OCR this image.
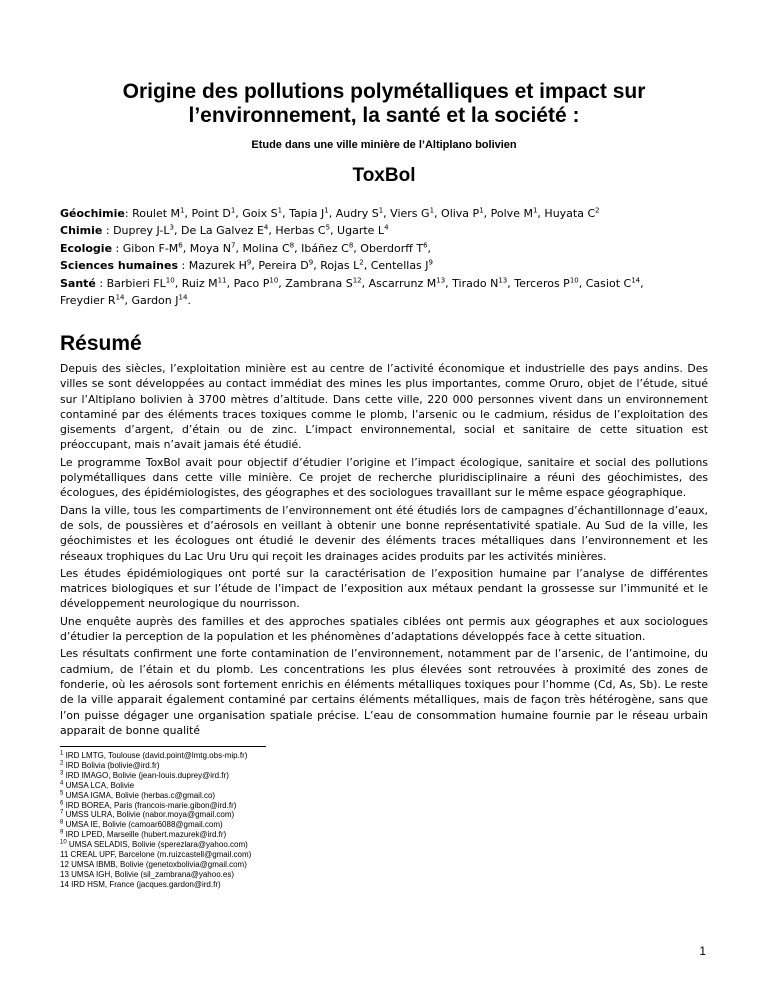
Origine des pollutions polymétalliques et impact sur
l’environnement, la santé et la société :

Etude dans une ville minière de l’Altiplano bolivien

ToxBol

Géochimie: Roulet $M^1$, Point $D^1$, Goix $S^1$, Tapia $J^1$, Audry $S^1$, Viers $G^1$, Oliva $P^1$, Polve $M^1$, Huyata $C^2$

Chimie : Duprey $J-L^3$, De La Galvez $E^4$, Herbas $C^5$, Ugarte $L^4$

Ecologie : Gibon $F-M^6$, Moya $N^7$, Molina $C^8$, Ibáñez $C^8$, Oberdorff $T^6$,

Sciences humaines : Mazurek $H^9$, Pereira $D^9$, Rojas $L^2$, Centellas $J^9$

Santé : Barbieri FL$^{10}$, Ruiz $M^{11}$, Paco $P^{10}$, Zambrana $S^{12}$, Ascarrunz $M^{13}$, Tirado $N^{13}$, Terceros $P^{10}$, Casiot $C^{14}$,

Freydier $R^{14}$, Gardon $J^{14}$.

Résumé

Depuis des siècles, l’exploitation minière est au centre de l’activité économique et industrielle des pays andins. Des villes se sont développées au contact immédiat des mines les plus importantes, comme Oruro, objet de l’étude, situé sur l’Altiplano bolivien à 3700 mètres d’altitude. Dans cette ville, 220 000 personnes vivent dans un environnement contaminé par des éléments traces toxiques comme le plomb, l’arsenic ou le cadmium, résidus de l’exploitation des gisements d’argent, d’étain ou de zinc. L’impact environnemental, social et sanitaire de cette situation est préoccupant, mais n’avait jamais été étudié.

Le programme ToxBol avait pour objectif d’étudier l’origine et l’impact écologique, sanitaire et social des pollutions polymétalliques dans cette ville minière. Ce projet de recherche pluridisciplinaire a réuni des géochimistes, des écologues, des épidémiologistes, des géographes et des sociologues travaillant sur le même espace géographique.

Dans la ville, tous les compartiments de l’environnement ont été étudiés lors de campagnes d’échantillonnage d’eaux, de sols, de poussières et d’aérosols en veillant à obtenir une bonne représentativité spatiale. Au Sud de la ville, les géochimistes et les écologues ont étudié le devenir des éléments traces métalliques dans l’environnement et les réseaux trophiques du Lac Uru Uru qui reçoit les drainages acides produits par les activités minières.

Les études épidémiologiques ont porté sur la caractérisation de l’exposition humaine par l’analyse de différentes matrices biologiques et sur l’étude de l’impact de l’exposition aux métaux pendant la grossesse sur l’immunité et le développement neurologique du nourrisson.

Une enquête auprès des familles et des approches spatiales ciblées ont permis aux géographes et aux sociologues d’étudier la perception de la population et les phénomènes d’adaptations développés face à cette situation.

Les résultats confirment une forte contamination de l’environnement, notamment par de l’arsenic, de l’antimoine, du cadmium, de l’étain et du plomb. Les concentrations les plus élevées sont retrouvées à proximité des zones de fonderie, où les aérosols sont fortement enrichis en éléments métalliques toxiques pour l’homme (Cd, As, Sb). Le reste de la ville apparait également contaminé par certains éléments métalliques, mais de façon très hétérogène, sans que l’on puisse dégager une organisation spatiale précise. L’eau de consommation humaine fournie par le réseau urbain apparait de bonne qualité

$^1$ IRD LMTG, Toulouse (david.point@lmtg.obs-mip.fr)

$^2$ IRD Bolivia (bolivie@ird.fr)

$^3$ IRD IMAGO, Bolivie (jean-louis.duprey@ird.fr)

$^4$ UMSA LCA, Bolivie

$^5$ UMSA IGMA, Bolivie (herbas.c@gmail.co)

$^6$ IRD BOREA, Paris (francois-marie.gibon@ird.fr)

$^7$ UMSS ULRA, Bolivie (nabor.moya@gmail.com)

$^8$ UMSA IE, Bolivie (camoar6088@gmail.com)

$^9$ IRD LPED, Marseille (hubert.mazurek@ird.fr)

$^{10}$ UMSA SELADIS, Bolivie (sperezlara@yahoo.com)

11 CREAL UPF, Barcelone (m.ruizcastell@gmail.com)

12 UMSA IBMB, Bolivie (genetoxbolivia@gmail.com)

13 UMSA IGH, Bolivie (sil_zambrana@yahoo.es)

14 IRD HSM, France (jacques.gardon@ird.fr)

1
